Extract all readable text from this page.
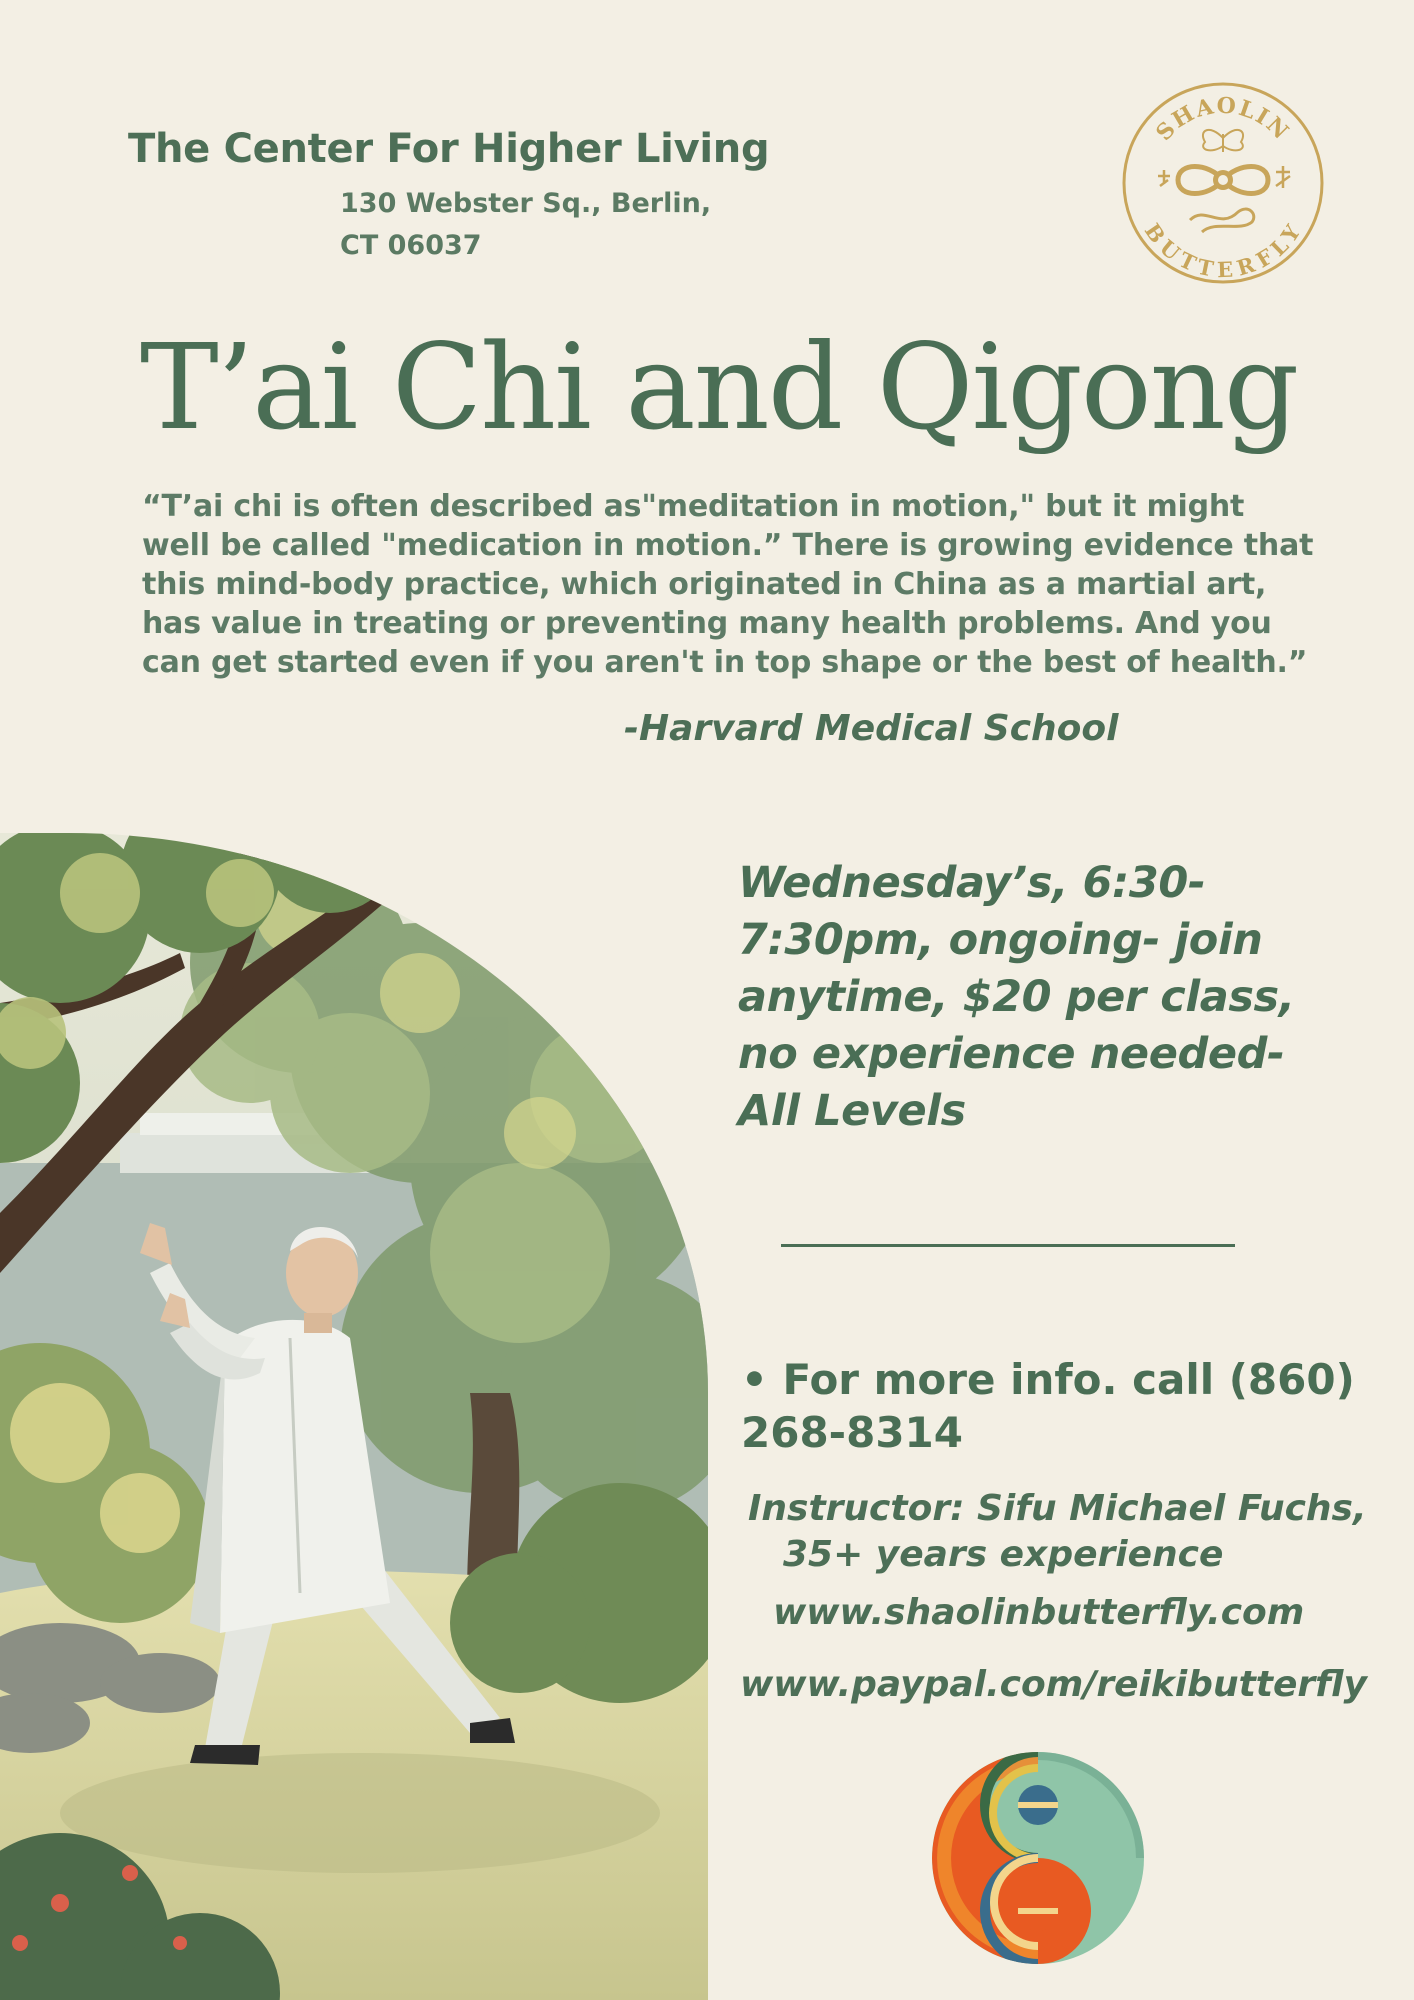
The Center For Higher Living
130 Webster Sq., Berlin,
CT 06037
SHAOLIN
BUTTERFLY
T’ai Chi and Qigong
“T’ai chi is often described as"meditation in motion," but it might
well be called "medication in motion.” There is growing evidence that
this mind-body practice, which originated in China as a martial art,
has value in treating or preventing many health problems. And you
can get started even if you aren't in top shape or the best of health.”
-Harvard Medical School
Wednesday’s, 6:30-
7:30pm, ongoing- join
anytime, $20 per class,
no experience needed-
All Levels
• For more info. call (860)
268-8314
Instructor: Sifu Michael Fuchs,
35+ years experience
www.shaolinbutterfly.com
www.paypal.com/reikibutterfly
